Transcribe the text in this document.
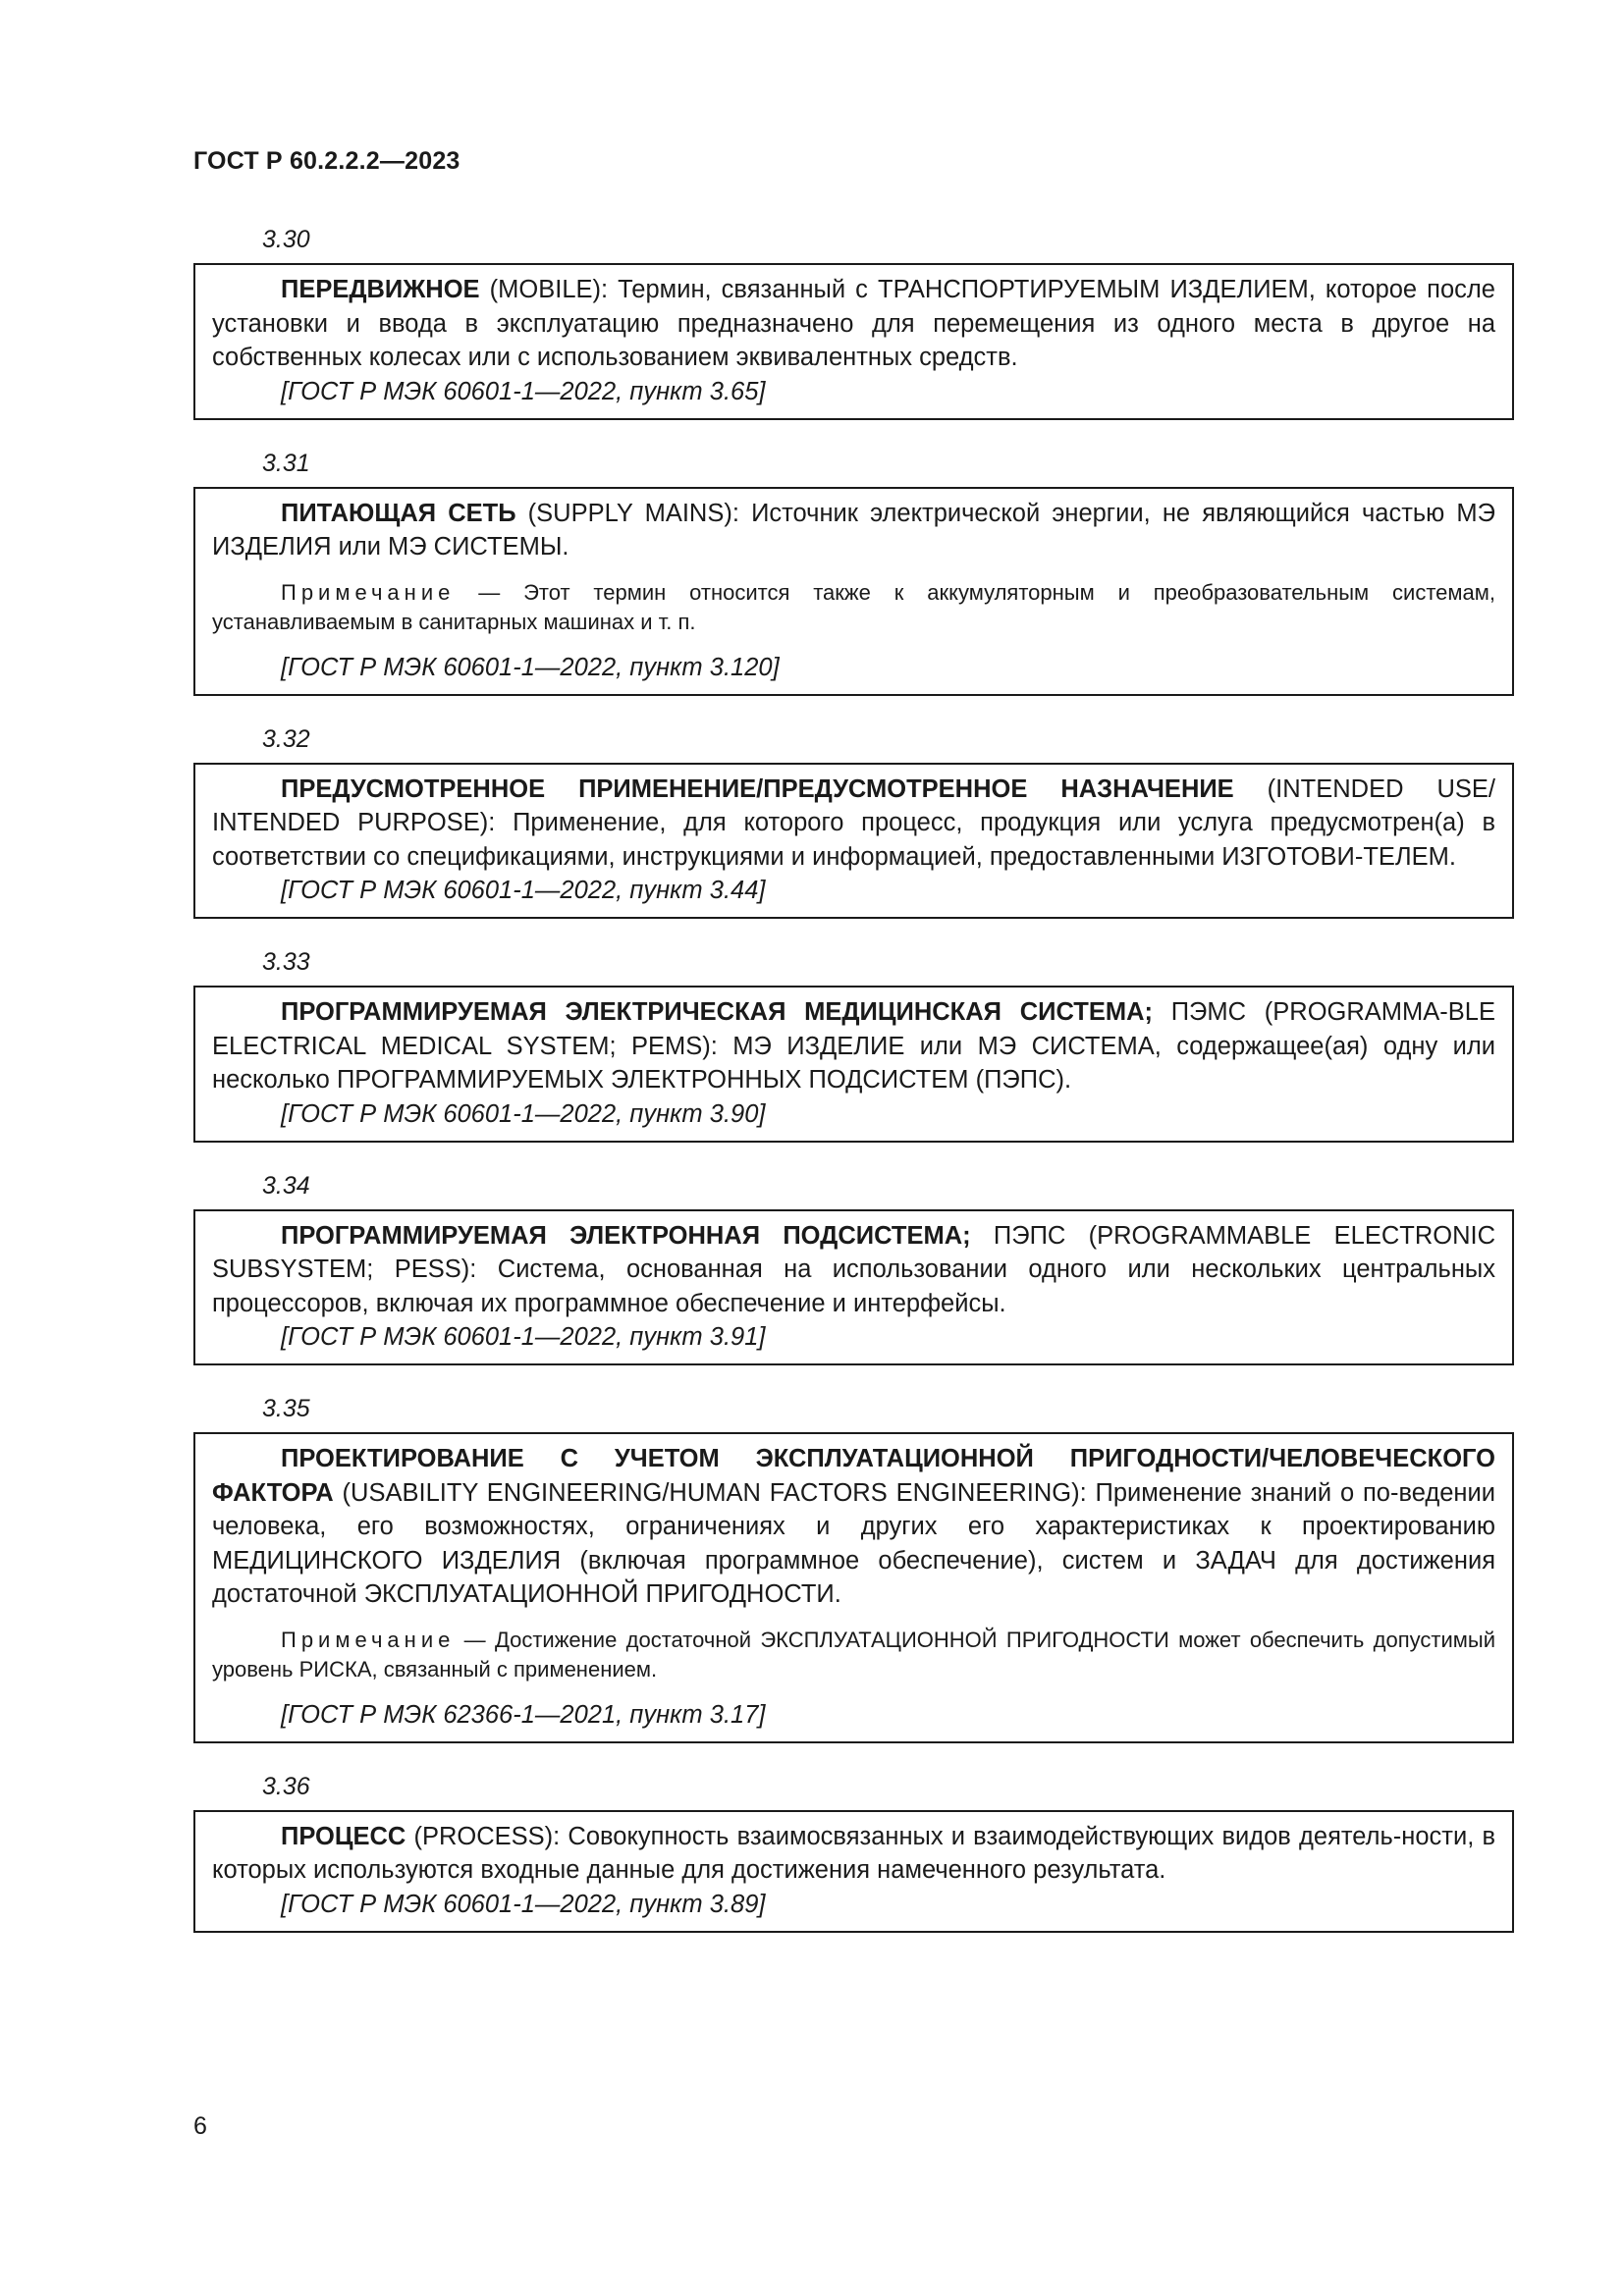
ГОСТ Р 60.2.2.2—2023
3.30

ПЕРЕДВИЖНОЕ (MOBILE): Термин, связанный с ТРАНСПОРТИРУЕМЫМ ИЗДЕЛИЕМ, которое после установки и ввода в эксплуатацию предназначено для перемещения из одного места в другое на собственных колесах или с использованием эквивалентных средств.

[ГОСТ Р МЭК 60601-1—2022, пункт 3.65]

3.31

ПИТАЮЩАЯ СЕТЬ (SUPPLY MAINS): Источник электрической энергии, не являющийся частью МЭ ИЗДЕЛИЯ или МЭ СИСТЕМЫ.

Примечание — Этот термин относится также к аккумуляторным и преобразовательным системам, устанавливаемым в санитарных машинах и т. п.

[ГОСТ Р МЭК 60601-1—2022, пункт 3.120]

3.32

ПРЕДУСМОТРЕННОЕ ПРИМЕНЕНИЕ/ПРЕДУСМОТРЕННОЕ НАЗНАЧЕНИЕ (INTENDED USE/ INTENDED PURPOSE): Применение, для которого процесс, продукция или услуга предусмотрен(а) в соответствии со спецификациями, инструкциями и информацией, предоставленными ИЗГОТОВИ-ТЕЛЕМ.

[ГОСТ Р МЭК 60601-1—2022, пункт 3.44]

3.33

ПРОГРАММИРУЕМАЯ ЭЛЕКТРИЧЕСКАЯ МЕДИЦИНСКАЯ СИСТЕМА; ПЭМС (PROGRAMMA-BLE ELECTRICAL MEDICAL SYSTEM; PEMS): МЭ ИЗДЕЛИЕ или МЭ СИСТЕМА, содержащее(ая) одну или несколько ПРОГРАММИРУЕМЫХ ЭЛЕКТРОННЫХ ПОДСИСТЕМ (ПЭПС).

[ГОСТ Р МЭК 60601-1—2022, пункт 3.90]

3.34

ПРОГРАММИРУЕМАЯ ЭЛЕКТРОННАЯ ПОДСИСТЕМА; ПЭПС (PROGRAMMABLE ELECTRONIC SUBSYSTEM; PESS): Система, основанная на использовании одного или нескольких центральных процессоров, включая их программное обеспечение и интерфейсы.

[ГОСТ Р МЭК 60601-1—2022, пункт 3.91]

3.35

ПРОЕКТИРОВАНИЕ С УЧЕТОМ ЭКСПЛУАТАЦИОННОЙ ПРИГОДНОСТИ/ЧЕЛОВЕЧЕСКОГО ФАКТОРА (USABILITY ENGINEERING/HUMAN FACTORS ENGINEERING): Применение знаний о по-ведении человека, его возможностях, ограничениях и других его характеристиках к проектированию МЕДИЦИНСКОГО ИЗДЕЛИЯ (включая программное обеспечение), систем и ЗАДАЧ для достижения достаточной ЭКСПЛУАТАЦИОННОЙ ПРИГОДНОСТИ.

Примечание — Достижение достаточной ЭКСПЛУАТАЦИОННОЙ ПРИГОДНОСТИ может обеспечить допустимый уровень РИСКА, связанный с применением.

[ГОСТ Р МЭК 62366-1—2021, пункт 3.17]

3.36

ПРОЦЕСС (PROCESS): Совокупность взаимосвязанных и взаимодействующих видов деятель-ности, в которых используются входные данные для достижения намеченного результата.

[ГОСТ Р МЭК 60601-1—2022, пункт 3.89]

6
